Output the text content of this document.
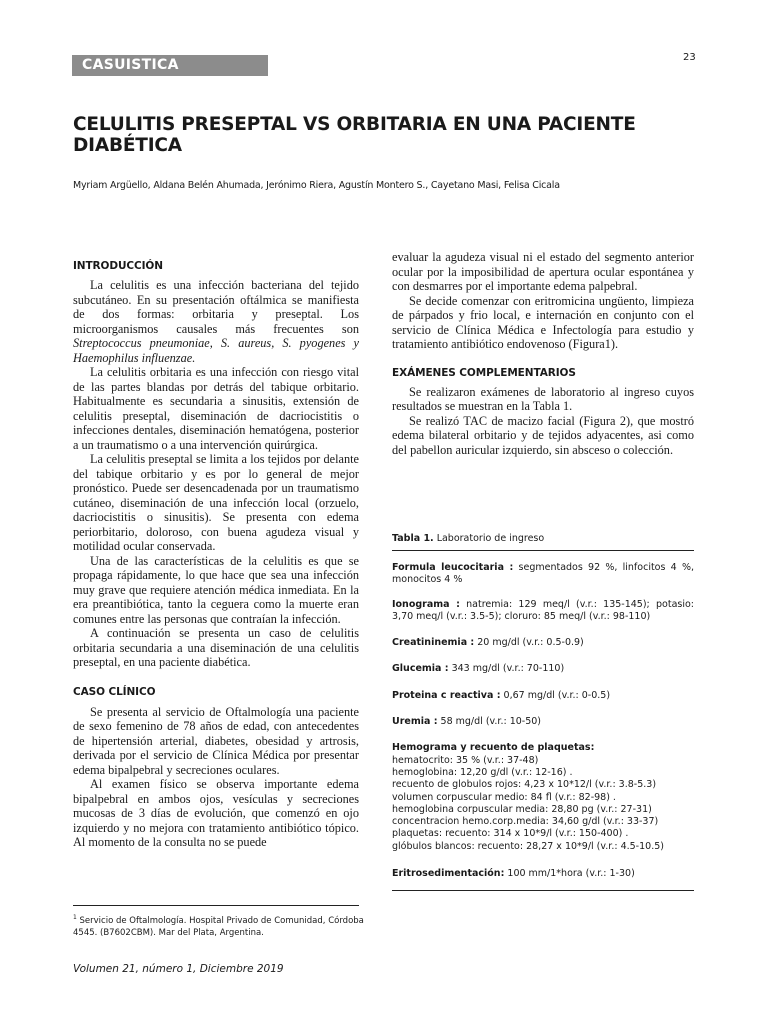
CASUISTICA	23
CELULITIS PRESEPTAL VS ORBITARIA EN UNA PACIENTE DIABÉTICA
Myriam Argüello, Aldana Belén Ahumada, Jerónimo Riera, Agustín Montero S., Cayetano Masi, Felisa Cicala

INTRODUCCIÓN

La celulitis es una infección bacteriana del tejido subcutáneo. En su presentación oftálmica se manifiesta de dos formas: orbitaria y preseptal. Los microorganismos causales más frecuentes son Streptococcus pneumoniae, S. aureus, S. pyogenes y Haemophilus influenzae.

La celulitis orbitaria es una infección con riesgo vital de las partes blandas por detrás del tabique orbitario. Habitualmente es secundaria a sinusitis, extensión de celulitis preseptal, diseminación de dacriocistitis o infecciones dentales, diseminación hematógena, posterior a un traumatismo o a una intervención quirúrgica.

La celulitis preseptal se limita a los tejidos por delante del tabique orbitario y es por lo general de mejor pronóstico. Puede ser desencadenada por un traumatismo cutáneo, diseminación de una infección local (orzuelo, dacriocistitis o sinusitis). Se presenta con edema periorbitario, doloroso, con buena agudeza visual y motilidad ocular conservada.

Una de las características de la celulitis es que se propaga rápidamente, lo que hace que sea una infección muy grave que requiere atención médica inmediata. En la era preantibiótica, tanto la ceguera como la muerte eran comunes entre las personas que contraían la infección.

A continuación se presenta un caso de celulitis orbitaria secundaria a una diseminación de una celulitis preseptal, en una paciente diabética.

CASO CLÍNICO

Se presenta al servicio de Oftalmología una paciente de sexo femenino de 78 años de edad, con antecedentes de hipertensión arterial, diabetes, obesidad y artrosis, derivada por el servicio de Clínica Médica por presentar edema bipalpebral y secreciones oculares.

Al examen físico se observa importante edema bipalpebral en ambos ojos, vesículas y secreciones mucosas de 3 días de evolución, que comenzó en ojo izquierdo y no mejora con tratamiento antibiótico tópico. Al momento de la consulta no se puede

evaluar la agudeza visual ni el estado del segmento anterior ocular por la imposibilidad de apertura ocular espontánea y con desmarres por el importante edema palpebral.

Se decide comenzar con eritromicina ungüento, limpieza de párpados y frio local, e internación en conjunto con el servicio de Clínica Médica e Infectología para estudio y tratamiento antibiótico endovenoso (Figura1).

EXÁMENES COMPLEMENTARIOS

Se realizaron exámenes de laboratorio al ingreso cuyos resultados se muestran en la Tabla 1.

Se realizó TAC de macizo facial (Figura 2), que mostró edema bilateral orbitario y de tejidos adyacentes, asi como del pabellon auricular izquierdo, sin absceso o colección.

Tabla 1. Laboratorio de ingreso

Formula leucocitaria : segmentados 92 %, linfocitos 4 %, monocitos 4 %

Ionograma : natremia: 129 meq/l (v.r.: 135-145); potasio: 3,70 meq/l (v.r.: 3.5-5); cloruro: 85 meq/l (v.r.: 98-110)

Creatininemia : 20 mg/dl (v.r.: 0.5-0.9)

Glucemia : 343 mg/dl (v.r.: 70-110)

Proteina c reactiva : 0,67 mg/dl (v.r.: 0-0.5)

Uremia : 58 mg/dl (v.r.: 10-50)

Hemograma y recuento de plaquetas:

hematocrito: 35 % (v.r.: 37-48)
hemoglobina: 12,20 g/dl (v.r.: 12-16) .
recuento de globulos rojos: 4,23 x 10*12/l (v.r.: 3.8-5.3)
volumen corpuscular medio: 84 fl (v.r.: 82-98) .
hemoglobina corpuscular media: 28,80 pg (v.r.: 27-31)
concentracion hemo.corp.media: 34,60 g/dl (v.r.: 33-37)
plaquetas: recuento: 314 x 10*9/l (v.r.: 150-400) .
glóbulos blancos: recuento: 28,27 x 10*9/l (v.r.: 4.5-10.5)

Eritrosedimentación: 100 mm/1*hora (v.r.: 1-30)

$^1$ Servicio de Oftalmología. Hospital Privado de Comunidad, Córdoba 4545. (B7602CBM). Mar del Plata, Argentina.
Volumen 21, número 1, Diciembre 2019
